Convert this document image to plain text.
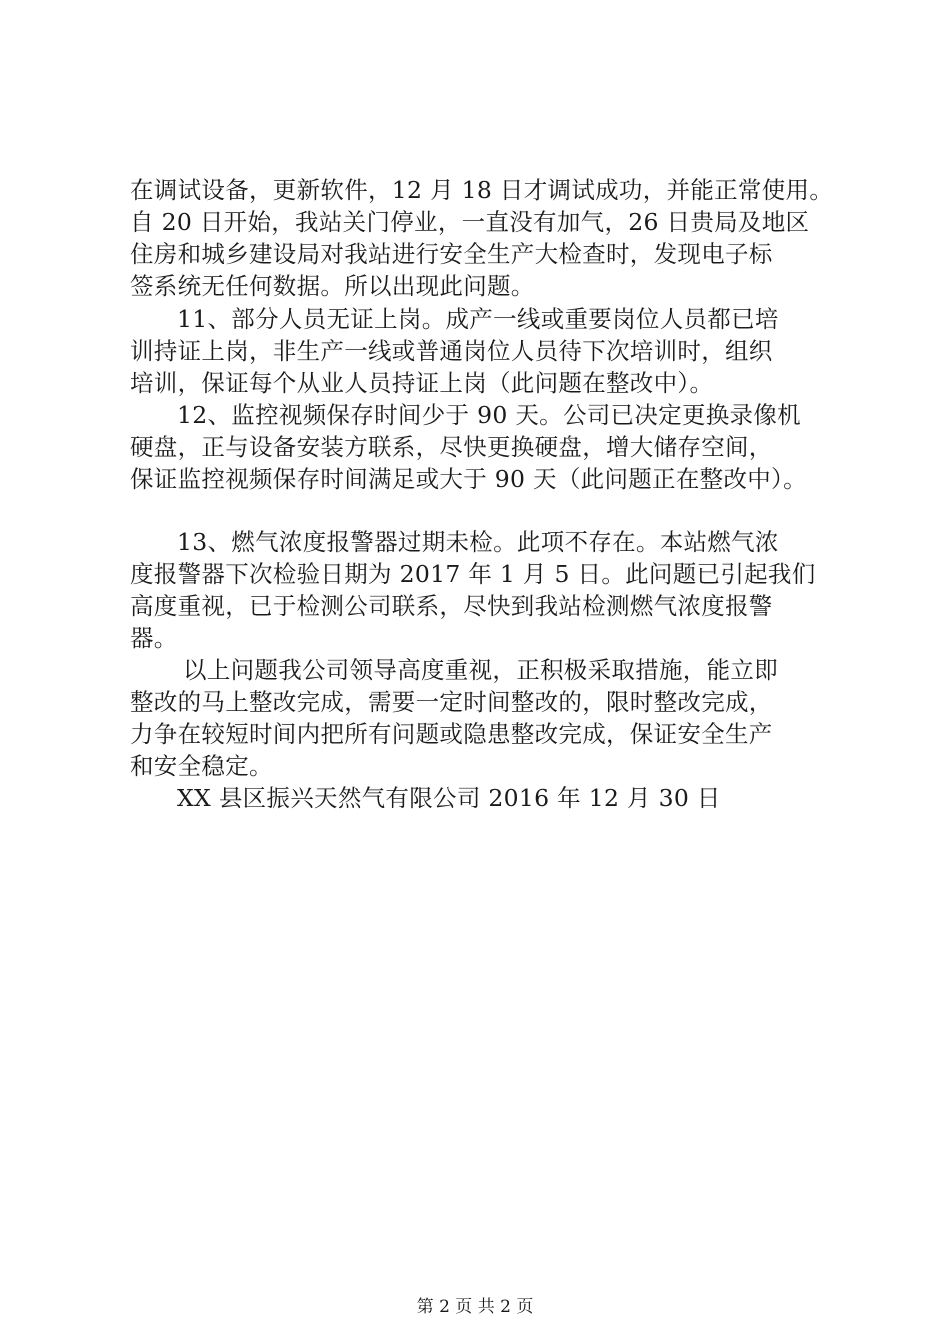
在调试设备，更新软件，12 月 18 日才调试成功，并能正常使用。
自 20 日开始，我站关门停业，一直没有加气，26 日贵局及地区
住房和城乡建设局对我站进行安全生产大检查时，发现电子标
签系统无任何数据。所以出现此问题。
11、部分人员无证上岗。成产一线或重要岗位人员都已培
训持证上岗，非生产一线或普通岗位人员待下次培训时，组织
培训，保证每个从业人员持证上岗（此问题在整改中）。
12、监控视频保存时间少于 90 天。公司已决定更换录像机
硬盘，正与设备安装方联系，尽快更换硬盘，增大储存空间，
保证监控视频保存时间满足或大于 90 天（此问题正在整改中）。
13、燃气浓度报警器过期未检。此项不存在。本站燃气浓
度报警器下次检验日期为 2017 年 1 月 5 日。此问题已引起我们
高度重视，已于检测公司联系，尽快到我站检测燃气浓度报警
器。
以上问题我公司领导高度重视，正积极采取措施，能立即
整改的马上整改完成，需要一定时间整改的，限时整改完成，
力争在较短时间内把所有问题或隐患整改完成，保证安全生产
和安全稳定。
XX 县区振兴天然气有限公司 2016 年 12 月 30 日
第 2 页 共 2 页
